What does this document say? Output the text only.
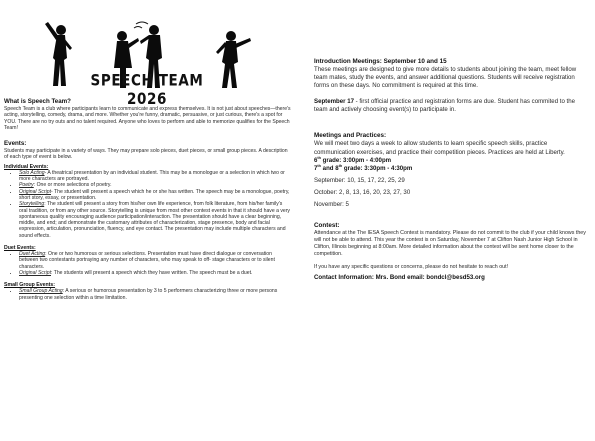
SPEECH TEAM 2026
What is Speech Team?

Speech Team is a club where participants learn to communicate and express themselves. It is not just about speeches—there's acting, storytelling, comedy, drama, and more. Whether you're funny, dramatic, persuasive, or just curious, there's a spot for YOU. There are no try outs and no talent required. Anyone who loves to perform and able to memorize qualifies for the Speech Team!

Events:

Students may participate in a variety of ways. They may prepare solo pieces, duet pieces, or small group pieces. A description of each type of event is below.

Individual Events:
• Solo Acting- A theatrical presentation by an individual student. This may be a monologue or a selection in which two or more characters are portrayed.
• Poetry: One or more selections of poetry.
• Original Script- The student will present a speech which he or she has written. The speech may be a monologue, poetry, short story, essay, or presentation.
• Storytelling: The student will present a story from his/her own life experience, from folk literature, from his/her family's oral tradition, or from any other source. Storytelling is unique from most other contest events in that it should have a very spontaneous quality encouraging audience participation/interaction. The presentation should have a clear beginning, middle, and end; and demonstrate the customary attributes of characterization, stage presence, body and facial expression, articulation, pronunciation, fluency, and eye contact. The presentation may include multiple characters and sound effects.
Duet Events:
• Duet Acting: One or two humorous or serious selections. Presentation must have direct dialogue or conversation between two contestants portraying any number of characters, who may speak to off- stage characters or to silent characters.
• Original Script: The students will present a speech which they have written. The speech must be a duet.
Small Group Events:
• Small Group Acting: A serious or humorous presentation by 3 to 5 performers characterizing three or more persons presenting one selection within a time limitation.
Introduction Meetings: September 10 and 15

These meetings are designed to give more details to students about joining the team, meet fellow team mates, study the events, and answer additional questions. Students will receive registration forms on these days. No commitment is required at this time.

September 17 - first official practice and registration forms are due. Student has commited to the team and actively choosing event(s) to participate in.

Meetings and Practices:

We will meet two days a week to allow students to learn specific speech skills, practice communication exercises, and practice their competition pieces. Practices are held at Liberty.

6th grade: 3:00pm - 4:00pm

7th and 8th grade: 3:30pm - 4:30pm

September: 10, 15, 17, 22, 25, 29

October: 2, 8, 13, 16, 20, 23, 27, 30

November: 5

Contest:

Attendance at the The IESA Speech Contest is mandatory. Please do not commit to the club if your child knows they will not be able to attend. This year the contest is on Saturday, November 7 at Clifton Nash Junior High School in Clifton, Illinois beginning at 8:00am. More detailed information about the contest will be sent home closer to the competition.

If you have any specific questions or concerns, please do not hesitate to reach out!

Contact Information: Mrs. Bond email: bondcl@besd53.org
